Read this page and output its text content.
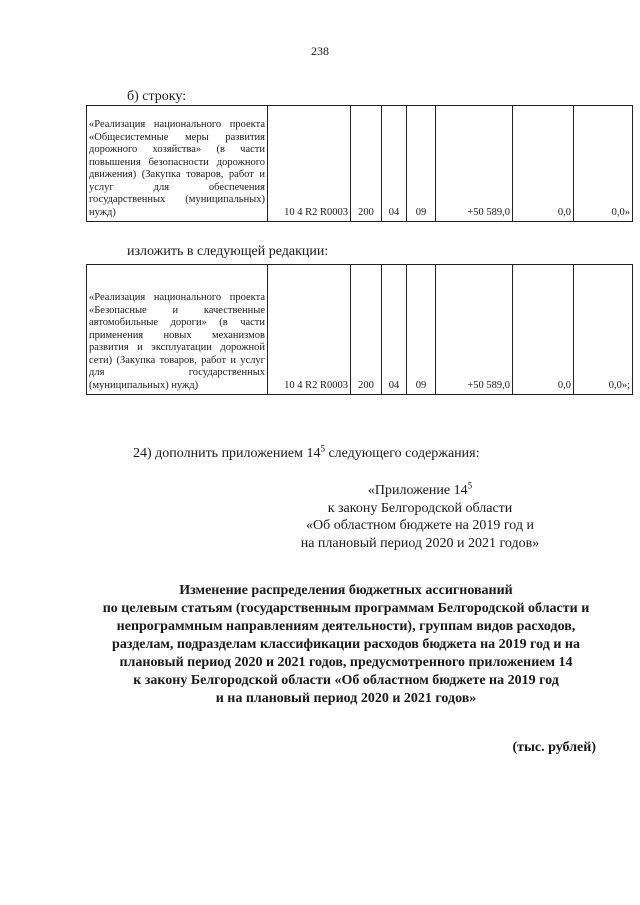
238
б) строку:
«Реализация национального проекта «Общесистемные меры развития дорожного хозяйства» (в части повышения безопасности дорожного движения) (Закупка товаров, работ и услуг для обеспечения государственных (муниципальных) нужд)	10 4 R2 R0003	200	04	09	+50 589,0	0,0	0,0»
изложить в следующей редакции:
«Реализация национального проекта «Безопасные и качественные автомобильные дороги» (в части применения новых механизмов развития и эксплуатации дорожной сети) (Закупка товаров, работ и услуг для государственных (муниципальных) нужд)	10 4 R2 R0003	200	04	09	+50 589,0	0,0	0,0»;
24) дополнить приложением $14^5$ следующего содержания:
«Приложение $14^5$
к закону Белгородской области
«Об областном бюджете на 2019 год и
на плановый период 2020 и 2021 годов»
Изменение распределения бюджетных ассигнований
по целевым статьям (государственным программам Белгородской области и
непрограммным направлениям деятельности), группам видов расходов,
разделам, подразделам классификации расходов бюджета на 2019 год и на
плановый период 2020 и 2021 годов, предусмотренного приложением 14
к закону Белгородской области «Об областном бюджете на 2019 год
и на плановый период 2020 и 2021 годов»
(тыс. рублей)
